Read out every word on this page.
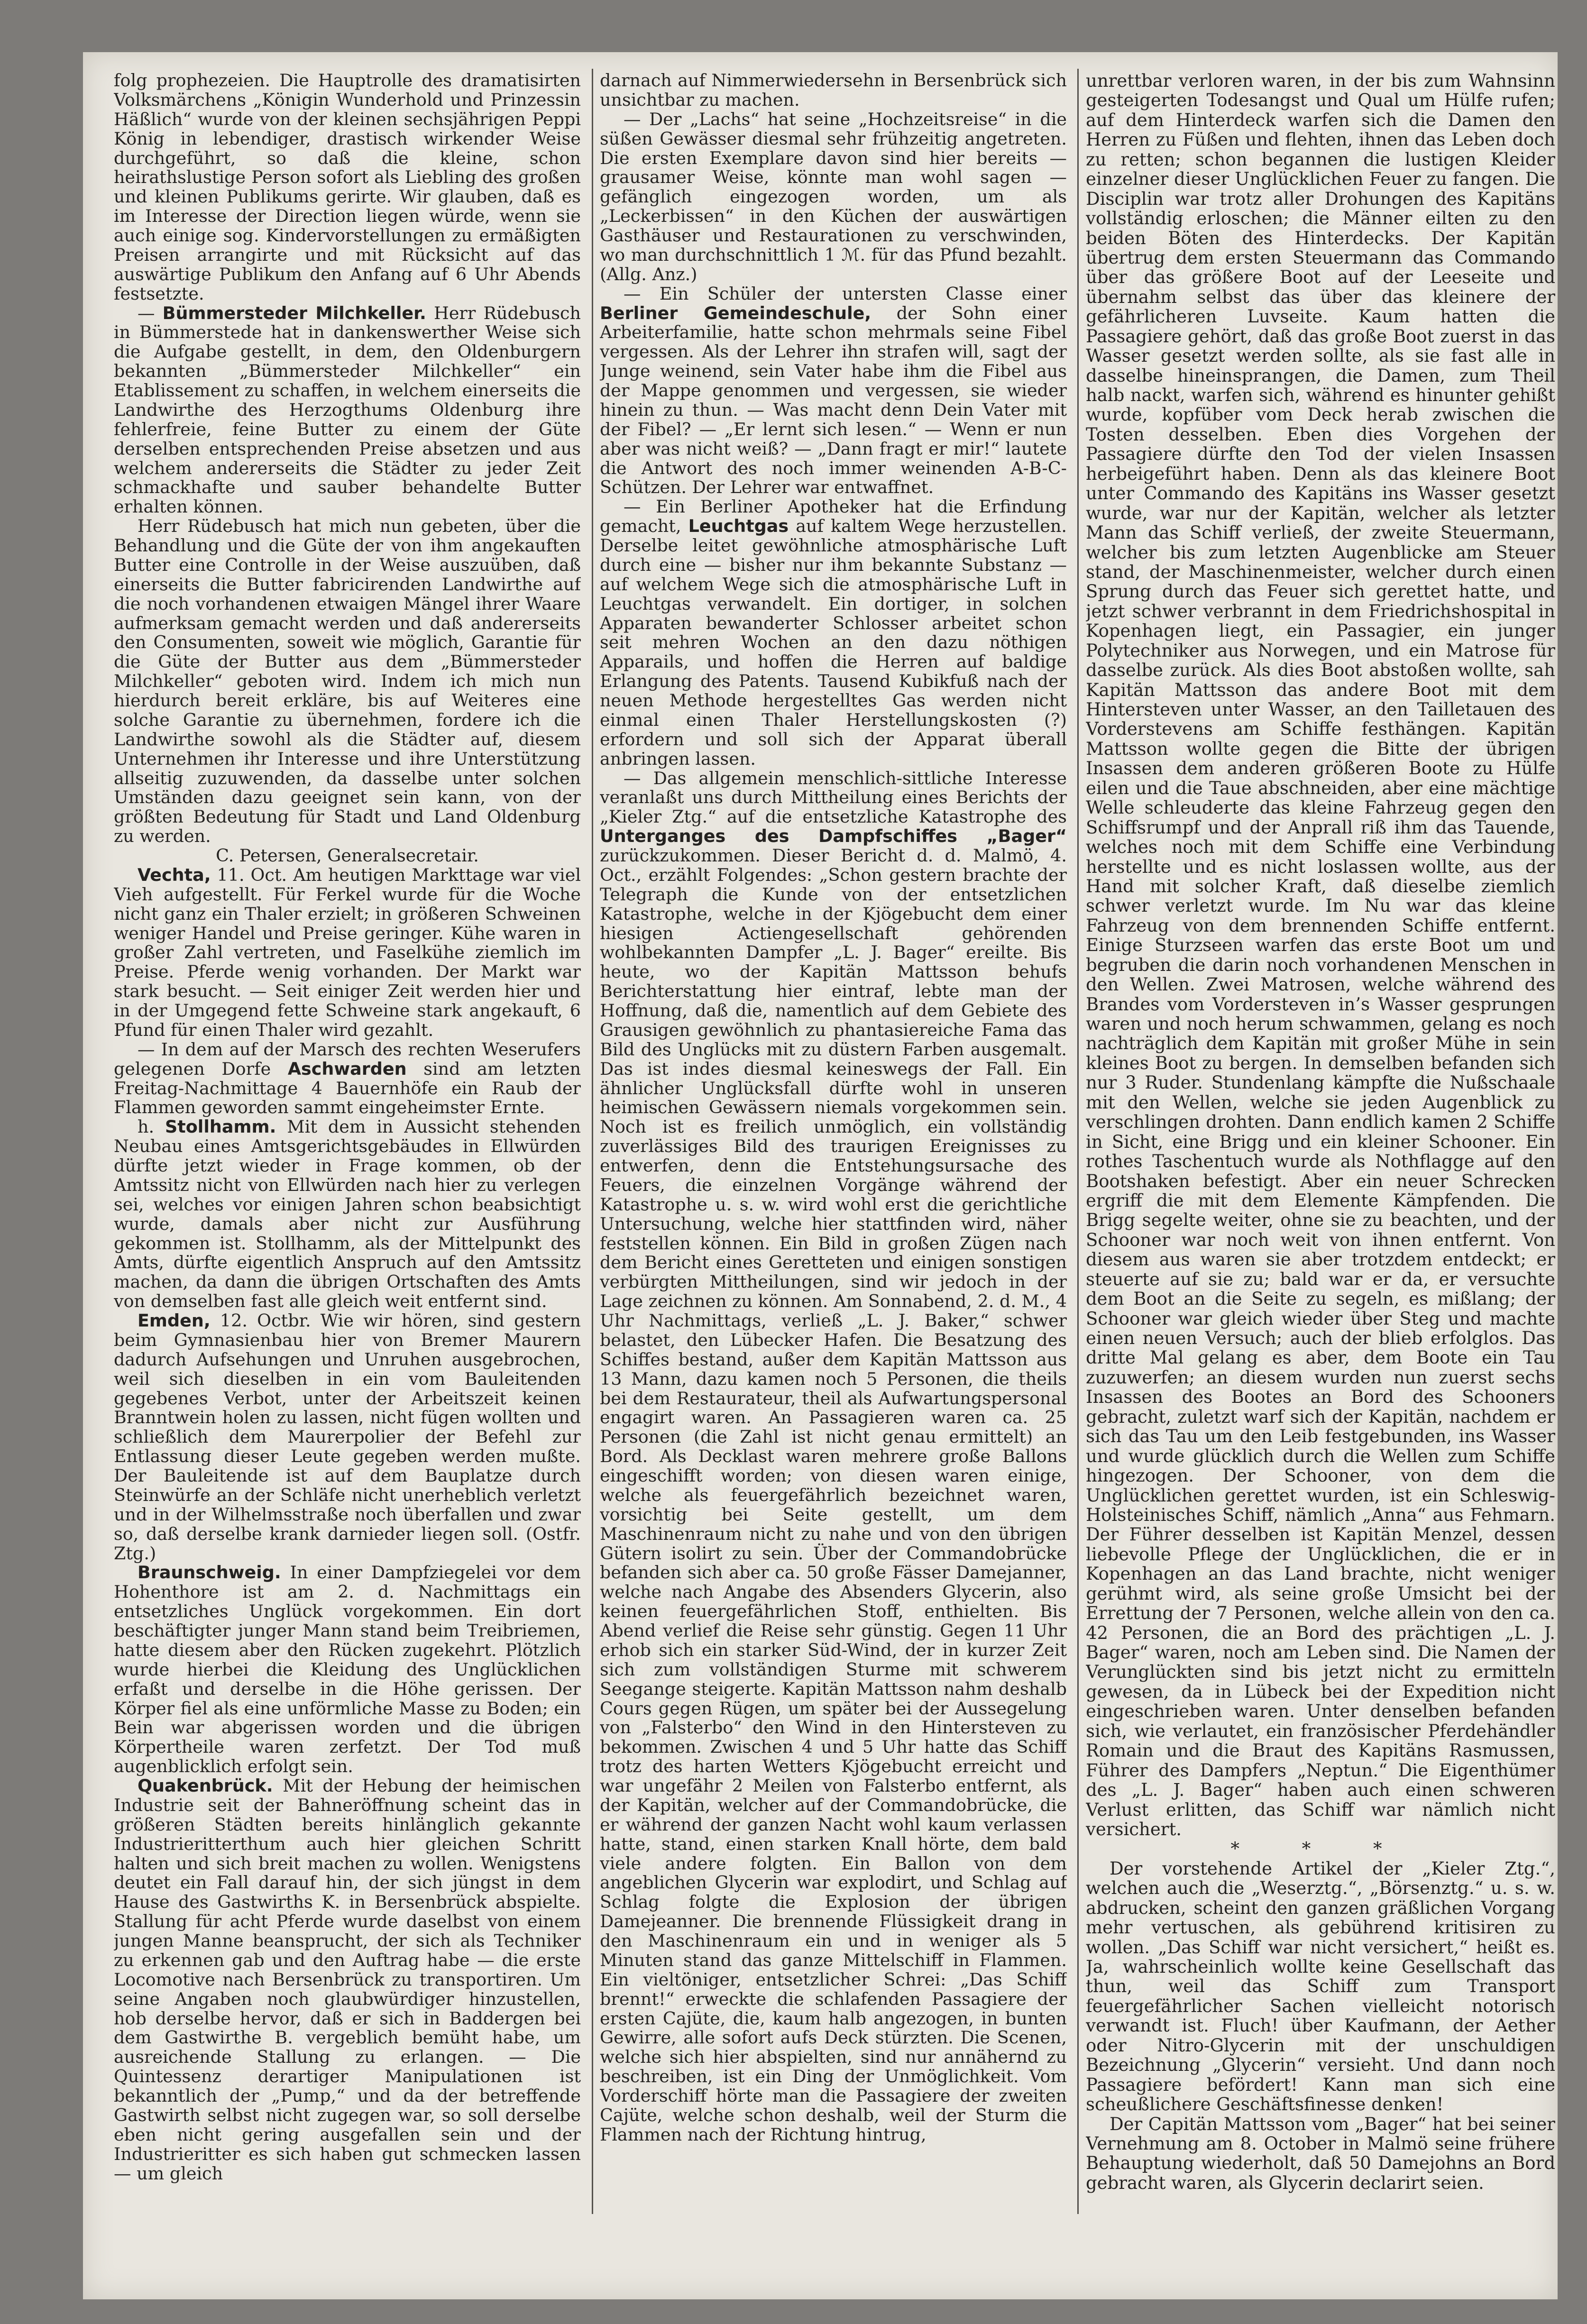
folg prophezeien. Die Hauptrolle des dramatisirten Volksmärchens „Königin Wunderhold und Prinzessin Häßlich“ wurde von der kleinen sechsjährigen Peppi König in lebendiger, drastisch wirkender Weise durchgeführt, so daß die kleine, schon heirathslustige Person sofort als Liebling des großen und kleinen Publikums gerirte. Wir glauben, daß es im Interesse der Direction liegen würde, wenn sie auch einige sog. Kindervorstellungen zu ermäßigten Preisen arrangirte und mit Rücksicht auf das auswärtige Publikum den Anfang auf 6 Uhr Abends festsetzte.

— Bümmersteder Milchkeller. Herr Rüdebusch in Bümmerstede hat in dankenswerther Weise sich die Aufgabe gestellt, in dem, den Oldenburgern bekannten „Bümmersteder Milchkeller“ ein Etablissement zu schaffen, in welchem einerseits die Landwirthe des Herzogthums Oldenburg ihre fehlerfreie, feine Butter zu einem der Güte derselben entsprechenden Preise absetzen und aus welchem andererseits die Städter zu jeder Zeit schmackhafte und sauber behandelte Butter erhalten können.

Herr Rüdebusch hat mich nun gebeten, über die Behandlung und die Güte der von ihm angekauften Butter eine Controlle in der Weise auszuüben, daß einerseits die Butter fabricirenden Landwirthe auf die noch vorhandenen etwaigen Mängel ihrer Waare aufmerksam gemacht werden und daß andererseits den Consumenten, soweit wie möglich, Garantie für die Güte der Butter aus dem „Bümmersteder Milchkeller“ geboten wird. Indem ich mich nun hierdurch bereit erkläre, bis auf Weiteres eine solche Garantie zu übernehmen, fordere ich die Landwirthe sowohl als die Städter auf, diesem Unternehmen ihr Interesse und ihre Unterstützung allseitig zuzuwenden, da dasselbe unter solchen Umständen dazu geeignet sein kann, von der größten Bedeutung für Stadt und Land Oldenburg zu werden.

C. Petersen, Generalsecretair.

Vechta, 11. Oct. Am heutigen Markttage war viel Vieh aufgestellt. Für Ferkel wurde für die Woche nicht ganz ein Thaler erzielt; in größeren Schweinen weniger Handel und Preise geringer. Kühe waren in großer Zahl vertreten, und Faselkühe ziemlich im Preise. Pferde wenig vorhanden. Der Markt war stark besucht. — Seit einiger Zeit werden hier und in der Umgegend fette Schweine stark angekauft, 6 Pfund für einen Thaler wird gezahlt.

— In dem auf der Marsch des rechten Weserufers gelegenen Dorfe Aschwarden sind am letzten Freitag-Nachmittage 4 Bauernhöfe ein Raub der Flammen geworden sammt eingeheimster Ernte.

h. Stollhamm. Mit dem in Aussicht stehenden Neubau eines Amtsgerichtsgebäudes in Ellwürden dürfte jetzt wieder in Frage kommen, ob der Amtssitz nicht von Ellwürden nach hier zu verlegen sei, welches vor einigen Jahren schon beabsichtigt wurde, damals aber nicht zur Ausführung gekommen ist. Stollhamm, als der Mittelpunkt des Amts, dürfte eigentlich Anspruch auf den Amtssitz machen, da dann die übrigen Ortschaften des Amts von demselben fast alle gleich weit entfernt sind.

Emden, 12. Octbr. Wie wir hören, sind gestern beim Gymnasienbau hier von Bremer Maurern dadurch Aufsehungen und Unruhen ausgebrochen, weil sich dieselben in ein vom Bauleitenden gegebenes Verbot, unter der Arbeitszeit keinen Branntwein holen zu lassen, nicht fügen wollten und schließlich dem Maurerpolier der Befehl zur Entlassung dieser Leute gegeben werden mußte. Der Bauleitende ist auf dem Bauplatze durch Steinwürfe an der Schläfe nicht unerheblich verletzt und in der Wilhelmsstraße noch überfallen und zwar so, daß derselbe krank darnieder liegen soll. (Ostfr. Ztg.)

Braunschweig. In einer Dampfziegelei vor dem Hohenthore ist am 2. d. Nachmittags ein entsetzliches Unglück vorgekommen. Ein dort beschäftigter junger Mann stand beim Treibriemen, hatte diesem aber den Rücken zugekehrt. Plötzlich wurde hierbei die Kleidung des Unglücklichen erfaßt und derselbe in die Höhe gerissen. Der Körper fiel als eine unförmliche Masse zu Boden; ein Bein war abgerissen worden und die übrigen Körpertheile waren zerfetzt. Der Tod muß augenblicklich erfolgt sein.

Quakenbrück. Mit der Hebung der heimischen Industrie seit der Bahneröffnung scheint das in größeren Städten bereits hinlänglich gekannte Industrieritterthum auch hier gleichen Schritt halten und sich breit machen zu wollen. Wenigstens deutet ein Fall darauf hin, der sich jüngst in dem Hause des Gastwirths K. in Bersenbrück abspielte. Stallung für acht Pferde wurde daselbst von einem jungen Manne beansprucht, der sich als Techniker zu erkennen gab und den Auftrag habe — die erste Locomotive nach Bersenbrück zu transportiren. Um seine Angaben noch glaubwürdiger hinzustellen, hob derselbe hervor, daß er sich in Baddergen bei dem Gastwirthe B. vergeblich bemüht habe, um ausreichende Stallung zu erlangen. — Die Quintessenz derartiger Manipulationen ist bekanntlich der „Pump,“ und da der betreffende Gastwirth selbst nicht zugegen war, so soll derselbe eben nicht gering ausgefallen sein und der Industrieritter es sich haben gut schmecken lassen — um gleich

darnach auf Nimmerwiedersehn in Bersenbrück sich unsichtbar zu machen.

— Der „Lachs“ hat seine „Hochzeitsreise“ in die süßen Gewässer diesmal sehr frühzeitig angetreten. Die ersten Exemplare davon sind hier bereits — grausamer Weise, könnte man wohl sagen — gefänglich eingezogen worden, um als „Leckerbissen“ in den Küchen der auswärtigen Gasthäuser und Restaurationen zu verschwinden, wo man durchschnittlich 1 ℳ. für das Pfund bezahlt. (Allg. Anz.)

— Ein Schüler der untersten Classe einer Berliner Gemeindeschule, der Sohn einer Arbeiterfamilie, hatte schon mehrmals seine Fibel vergessen. Als der Lehrer ihn strafen will, sagt der Junge weinend, sein Vater habe ihm die Fibel aus der Mappe genommen und vergessen, sie wieder hinein zu thun. — Was macht denn Dein Vater mit der Fibel? — „Er lernt sich lesen.“ — Wenn er nun aber was nicht weiß? — „Dann fragt er mir!“ lautete die Antwort des noch immer weinenden A-B-C-Schützen. Der Lehrer war entwaffnet.

— Ein Berliner Apotheker hat die Erfindung gemacht, Leuchtgas auf kaltem Wege herzustellen. Derselbe leitet gewöhnliche atmosphärische Luft durch eine — bisher nur ihm bekannte Substanz — auf welchem Wege sich die atmosphärische Luft in Leuchtgas verwandelt. Ein dortiger, in solchen Apparaten bewanderter Schlosser arbeitet schon seit mehren Wochen an den dazu nöthigen Apparails, und hoffen die Herren auf baldige Erlangung des Patents. Tausend Kubikfuß nach der neuen Methode hergestelltes Gas werden nicht einmal einen Thaler Herstellungskosten (?) erfordern und soll sich der Apparat überall anbringen lassen.

— Das allgemein menschlich-sittliche Interesse veranlaßt uns durch Mittheilung eines Berichts der „Kieler Ztg.“ auf die entsetzliche Katastrophe des Unterganges des Dampfschiffes „Bager“ zurückzukommen. Dieser Bericht d. d. Malmö, 4. Oct., erzählt Folgendes: „Schon gestern brachte der Telegraph die Kunde von der entsetzlichen Katastrophe, welche in der Kjögebucht dem einer hiesigen Actiengesellschaft gehörenden wohlbekannten Dampfer „L. J. Bager“ ereilte. Bis heute, wo der Kapitän Mattsson behufs Berichterstattung hier eintraf, lebte man der Hoffnung, daß die, namentlich auf dem Gebiete des Grausigen gewöhnlich zu phantasiereiche Fama das Bild des Unglücks mit zu düstern Farben ausgemalt. Das ist indes diesmal keineswegs der Fall. Ein ähnlicher Unglücksfall dürfte wohl in unseren heimischen Gewässern niemals vorgekommen sein. Noch ist es freilich unmöglich, ein vollständig zuverlässiges Bild des traurigen Ereignisses zu entwerfen, denn die Entstehungsursache des Feuers, die einzelnen Vorgänge während der Katastrophe u. s. w. wird wohl erst die gerichtliche Untersuchung, welche hier stattfinden wird, näher feststellen können. Ein Bild in großen Zügen nach dem Bericht eines Geretteten und einigen sonstigen verbürgten Mittheilungen, sind wir jedoch in der Lage zeichnen zu können. Am Sonnabend, 2. d. M., 4 Uhr Nachmittags, verließ „L. J. Baker,“ schwer belastet, den Lübecker Hafen. Die Besatzung des Schiffes bestand, außer dem Kapitän Mattsson aus 13 Mann, dazu kamen noch 5 Personen, die theils bei dem Restaurateur, theil als Aufwartungspersonal engagirt waren. An Passagieren waren ca. 25 Personen (die Zahl ist nicht genau ermittelt) an Bord. Als Decklast waren mehrere große Ballons eingeschifft worden; von diesen waren einige, welche als feuergefährlich bezeichnet waren, vorsichtig bei Seite gestellt, um dem Maschinenraum nicht zu nahe und von den übrigen Gütern isolirt zu sein. Über der Commandobrücke befanden sich aber ca. 50 große Fässer Damejanner, welche nach Angabe des Absenders Glycerin, also keinen feuergefährlichen Stoff, enthielten. Bis Abend verlief die Reise sehr günstig. Gegen 11 Uhr erhob sich ein starker Süd-Wind, der in kurzer Zeit sich zum vollständigen Sturme mit schwerem Seegange steigerte. Kapitän Mattsson nahm deshalb Cours gegen Rügen, um später bei der Aussegelung von „Falsterbo“ den Wind in den Hintersteven zu bekommen. Zwischen 4 und 5 Uhr hatte das Schiff trotz des harten Wetters Kjögebucht erreicht und war ungefähr 2 Meilen von Falsterbo entfernt, als der Kapitän, welcher auf der Commandobrücke, die er während der ganzen Nacht wohl kaum verlassen hatte, stand, einen starken Knall hörte, dem bald viele andere folgten. Ein Ballon von dem angeblichen Glycerin war explodirt, und Schlag auf Schlag folgte die Explosion der übrigen Damejeanner. Die brennende Flüssigkeit drang in den Maschinenraum ein und in weniger als 5 Minuten stand das ganze Mittelschiff in Flammen. Ein vieltöniger, entsetzlicher Schrei: „Das Schiff brennt!“ erweckte die schlafenden Passagiere der ersten Cajüte, die, kaum halb angezogen, in bunten Gewirre, alle sofort aufs Deck stürzten. Die Scenen, welche sich hier abspielten, sind nur annähernd zu beschreiben, ist ein Ding der Unmöglichkeit. Vom Vorderschiff hörte man die Passagiere der zweiten Cajüte, welche schon deshalb, weil der Sturm die Flammen nach der Richtung hintrug,

unrettbar verloren waren, in der bis zum Wahnsinn gesteigerten Todesangst und Qual um Hülfe rufen; auf dem Hinterdeck warfen sich die Damen den Herren zu Füßen und flehten, ihnen das Leben doch zu retten; schon begannen die lustigen Kleider einzelner dieser Unglücklichen Feuer zu fangen. Die Disciplin war trotz aller Drohungen des Kapitäns vollständig erloschen; die Männer eilten zu den beiden Böten des Hinterdecks. Der Kapitän übertrug dem ersten Steuermann das Commando über das größere Boot auf der Leeseite und übernahm selbst das über das kleinere der gefährlicheren Luvseite. Kaum hatten die Passagiere gehört, daß das große Boot zuerst in das Wasser gesetzt werden sollte, als sie fast alle in dasselbe hineinsprangen, die Damen, zum Theil halb nackt, warfen sich, während es hinunter gehißt wurde, kopfüber vom Deck herab zwischen die Tosten desselben. Eben dies Vorgehen der Passagiere dürfte den Tod der vielen Insassen herbeigeführt haben. Denn als das kleinere Boot unter Commando des Kapitäns ins Wasser gesetzt wurde, war nur der Kapitän, welcher als letzter Mann das Schiff verließ, der zweite Steuermann, welcher bis zum letzten Augenblicke am Steuer stand, der Maschinenmeister, welcher durch einen Sprung durch das Feuer sich gerettet hatte, und jetzt schwer verbrannt in dem Friedrichshospital in Kopenhagen liegt, ein Passagier, ein junger Polytechniker aus Norwegen, und ein Matrose für dasselbe zurück. Als dies Boot abstoßen wollte, sah Kapitän Mattsson das andere Boot mit dem Hintersteven unter Wasser, an den Tailletauen des Vorderstevens am Schiffe festhängen. Kapitän Mattsson wollte gegen die Bitte der übrigen Insassen dem anderen größeren Boote zu Hülfe eilen und die Taue abschneiden, aber eine mächtige Welle schleuderte das kleine Fahrzeug gegen den Schiffsrumpf und der Anprall riß ihm das Tauende, welches noch mit dem Schiffe eine Verbindung herstellte und es nicht loslassen wollte, aus der Hand mit solcher Kraft, daß dieselbe ziemlich schwer verletzt wurde. Im Nu war das kleine Fahrzeug von dem brennenden Schiffe entfernt. Einige Sturzseen warfen das erste Boot um und begruben die darin noch vorhandenen Menschen in den Wellen. Zwei Matrosen, welche während des Brandes vom Vordersteven in’s Wasser gesprungen waren und noch herum schwammen, gelang es noch nachträglich dem Kapitän mit großer Mühe in sein kleines Boot zu bergen. In demselben befanden sich nur 3 Ruder. Stundenlang kämpfte die Nußschaale mit den Wellen, welche sie jeden Augenblick zu verschlingen drohten. Dann endlich kamen 2 Schiffe in Sicht, eine Brigg und ein kleiner Schooner. Ein rothes Taschentuch wurde als Nothflagge auf den Bootshaken befestigt. Aber ein neuer Schrecken ergriff die mit dem Elemente Kämpfenden. Die Brigg segelte weiter, ohne sie zu beachten, und der Schooner war noch weit von ihnen entfernt. Von diesem aus waren sie aber trotzdem entdeckt; er steuerte auf sie zu; bald war er da, er versuchte dem Boot an die Seite zu segeln, es mißlang; der Schooner war gleich wieder über Steg und machte einen neuen Versuch; auch der blieb erfolglos. Das dritte Mal gelang es aber, dem Boote ein Tau zuzuwerfen; an diesem wurden nun zuerst sechs Insassen des Bootes an Bord des Schooners gebracht, zuletzt warf sich der Kapitän, nachdem er sich das Tau um den Leib festgebunden, ins Wasser und wurde glücklich durch die Wellen zum Schiffe hingezogen. Der Schooner, von dem die Unglücklichen gerettet wurden, ist ein Schleswig-Holsteinisches Schiff, nämlich „Anna“ aus Fehmarn. Der Führer desselben ist Kapitän Menzel, dessen liebevolle Pflege der Unglücklichen, die er in Kopenhagen an das Land brachte, nicht weniger gerühmt wird, als seine große Umsicht bei der Errettung der 7 Personen, welche allein von den ca. 42 Personen, die an Bord des prächtigen „L. J. Bager“ waren, noch am Leben sind. Die Namen der Verunglückten sind bis jetzt nicht zu ermitteln gewesen, da in Lübeck bei der Expedition nicht eingeschrieben waren. Unter denselben befanden sich, wie verlautet, ein französischer Pferdehändler Romain und die Braut des Kapitäns Rasmussen, Führer des Dampfers „Neptun.“ Die Eigenthümer des „L. J. Bager“ haben auch einen schweren Verlust erlitten, das Schiff war nämlich nicht versichert.

* * *

Der vorstehende Artikel der „Kieler Ztg.“, welchen auch die „Weserztg.“, „Börsenztg.“ u. s. w. abdrucken, scheint den ganzen gräßlichen Vorgang mehr vertuschen, als gebührend kritisiren zu wollen. „Das Schiff war nicht versichert,“ heißt es. Ja, wahrscheinlich wollte keine Gesellschaft das thun, weil das Schiff zum Transport feuergefährlicher Sachen vielleicht notorisch verwandt ist. Fluch! über Kaufmann, der Aether oder Nitro-Glycerin mit der unschuldigen Bezeichnung „Glycerin“ versieht. Und dann noch Passagiere befördert! Kann man sich eine scheußlichere Geschäftsfinesse denken!

Der Capitän Mattsson vom „Bager“ hat bei seiner Vernehmung am 8. October in Malmö seine frühere Behauptung wiederholt, daß 50 Damejohns an Bord gebracht waren, als Glycerin declarirt seien.
